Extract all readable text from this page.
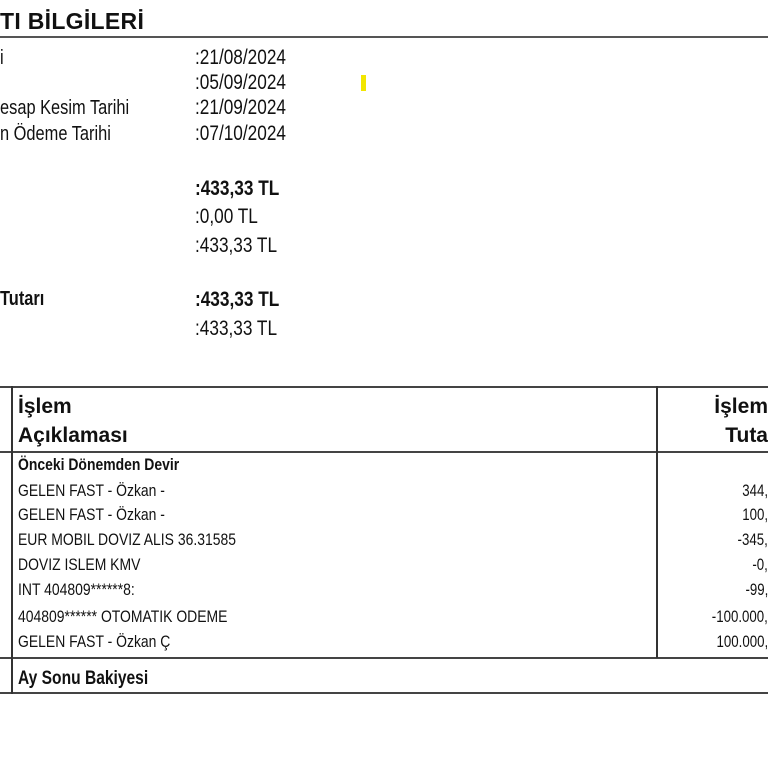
TI BİLGİLERİ
i	:21/08/2024
:05/09/2024
esap Kesim Tarihi	:21/09/2024
n Ödeme Tarihi	:07/10/2024
:433,33 TL
:0,00 TL
:433,33 TL
Tutarı	:433,33 TL
:433,33 TL
İşlem
Açıklaması
İşlem
Tuta
Önceki Dönemden Devir
GELEN FAST - Özkan -	344,
GELEN FAST - Özkan -	100,
EUR MOBIL DOVIZ ALIS 36.31585	-345,
DOVIZ ISLEM KMV	-0,
INT 404809******8:	-99,
404809****** OTOMATIK ODEME	-100.000,
GELEN FAST - Özkan Ç	100.000,
Ay Sonu Bakiyesi
